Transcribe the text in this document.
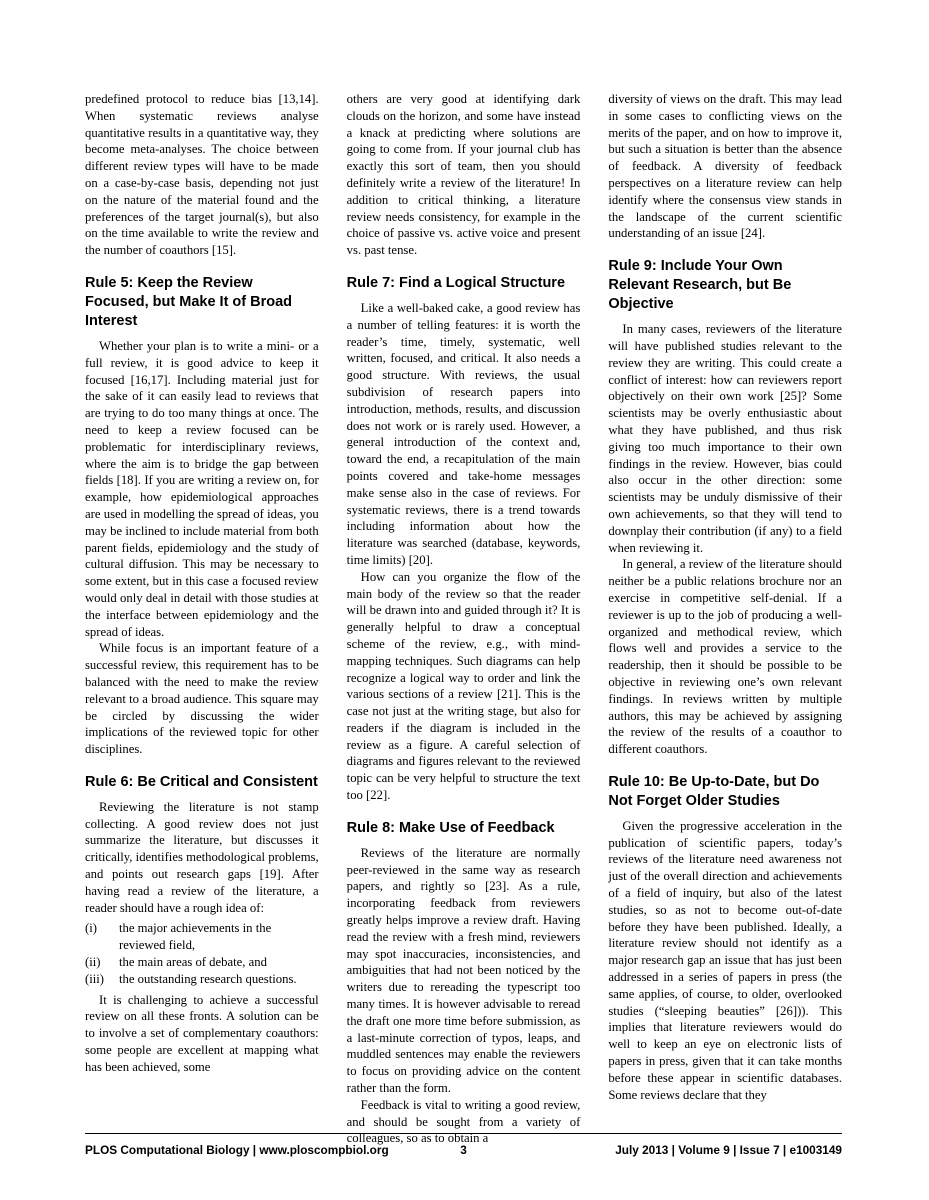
predefined protocol to reduce bias [13,14]. When systematic reviews analyse quantitative results in a quantitative way, they become meta-analyses. The choice between different review types will have to be made on a case-by-case basis, depending not just on the nature of the material found and the preferences of the target journal(s), but also on the time available to write the review and the number of coauthors [15].

Rule 5: Keep the Review Focused, but Make It of Broad Interest

Whether your plan is to write a mini- or a full review, it is good advice to keep it focused [16,17]. Including material just for the sake of it can easily lead to reviews that are trying to do too many things at once. The need to keep a review focused can be problematic for interdisciplinary reviews, where the aim is to bridge the gap between fields [18]. If you are writing a review on, for example, how epidemiological approaches are used in modelling the spread of ideas, you may be inclined to include material from both parent fields, epidemiology and the study of cultural diffusion. This may be necessary to some extent, but in this case a focused review would only deal in detail with those studies at the interface between epidemiology and the spread of ideas.

While focus is an important feature of a successful review, this requirement has to be balanced with the need to make the review relevant to a broad audience. This square may be circled by discussing the wider implications of the reviewed topic for other disciplines.

Rule 6: Be Critical and Consistent

Reviewing the literature is not stamp collecting. A good review does not just summarize the literature, but discusses it critically, identifies methodological problems, and points out research gaps [19]. After having read a review of the literature, a reader should have a rough idea of:

(i)	the major achievements in the reviewed field,
(ii)	the main areas of debate, and
(iii)	the outstanding research questions.

It is challenging to achieve a successful review on all these fronts. A solution can be to involve a set of complementary coauthors: some people are excellent at mapping what has been achieved, some

others are very good at identifying dark clouds on the horizon, and some have instead a knack at predicting where solutions are going to come from. If your journal club has exactly this sort of team, then you should definitely write a review of the literature! In addition to critical thinking, a literature review needs consistency, for example in the choice of passive vs. active voice and present vs. past tense.

Rule 7: Find a Logical Structure

Like a well-baked cake, a good review has a number of telling features: it is worth the reader’s time, timely, systematic, well written, focused, and critical. It also needs a good structure. With reviews, the usual subdivision of research papers into introduction, methods, results, and discussion does not work or is rarely used. However, a general introduction of the context and, toward the end, a recapitulation of the main points covered and take-home messages make sense also in the case of reviews. For systematic reviews, there is a trend towards including information about how the literature was searched (database, keywords, time limits) [20].

How can you organize the flow of the main body of the review so that the reader will be drawn into and guided through it? It is generally helpful to draw a conceptual scheme of the review, e.g., with mind-mapping techniques. Such diagrams can help recognize a logical way to order and link the various sections of a review [21]. This is the case not just at the writing stage, but also for readers if the diagram is included in the review as a figure. A careful selection of diagrams and figures relevant to the reviewed topic can be very helpful to structure the text too [22].

Rule 8: Make Use of Feedback

Reviews of the literature are normally peer-reviewed in the same way as research papers, and rightly so [23]. As a rule, incorporating feedback from reviewers greatly helps improve a review draft. Having read the review with a fresh mind, reviewers may spot inaccuracies, inconsistencies, and ambiguities that had not been noticed by the writers due to rereading the typescript too many times. It is however advisable to reread the draft one more time before submission, as a last-minute correction of typos, leaps, and muddled sentences may enable the reviewers to focus on providing advice on the content rather than the form.

Feedback is vital to writing a good review, and should be sought from a variety of colleagues, so as to obtain a

diversity of views on the draft. This may lead in some cases to conflicting views on the merits of the paper, and on how to improve it, but such a situation is better than the absence of feedback. A diversity of feedback perspectives on a literature review can help identify where the consensus view stands in the landscape of the current scientific understanding of an issue [24].

Rule 9: Include Your Own Relevant Research, but Be Objective

In many cases, reviewers of the literature will have published studies relevant to the review they are writing. This could create a conflict of interest: how can reviewers report objectively on their own work [25]? Some scientists may be overly enthusiastic about what they have published, and thus risk giving too much importance to their own findings in the review. However, bias could also occur in the other direction: some scientists may be unduly dismissive of their own achievements, so that they will tend to downplay their contribution (if any) to a field when reviewing it.

In general, a review of the literature should neither be a public relations brochure nor an exercise in competitive self-denial. If a reviewer is up to the job of producing a well-organized and methodical review, which flows well and provides a service to the readership, then it should be possible to be objective in reviewing one’s own relevant findings. In reviews written by multiple authors, this may be achieved by assigning the review of the results of a coauthor to different coauthors.

Rule 10: Be Up-to-Date, but Do Not Forget Older Studies

Given the progressive acceleration in the publication of scientific papers, today’s reviews of the literature need awareness not just of the overall direction and achievements of a field of inquiry, but also of the latest studies, so as not to become out-of-date before they have been published. Ideally, a literature review should not identify as a major research gap an issue that has just been addressed in a series of papers in press (the same applies, of course, to older, overlooked studies (“sleeping beauties” [26])). This implies that literature reviewers would do well to keep an eye on electronic lists of papers in press, given that it can take months before these appear in scientific databases. Some reviews declare that they

PLOS Computational Biology | www.ploscompbiol.org	3	July 2013 | Volume 9 | Issue 7 | e1003149
